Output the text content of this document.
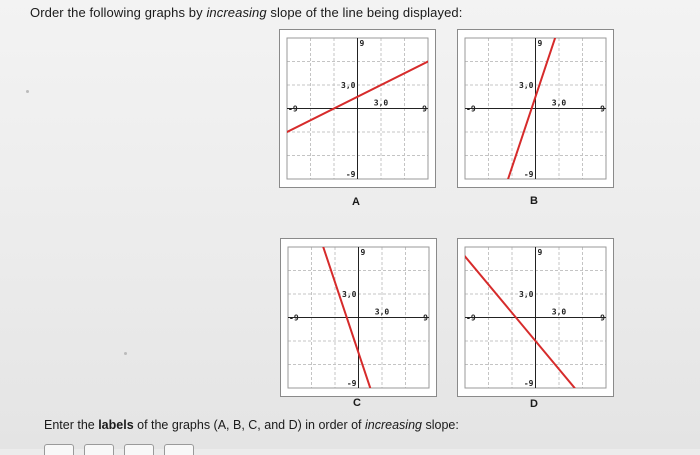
Order the following graphs by increasing slope of the line being displayed:
9
-9
-9	9
3,0
3,0
A
9
-9
-9	9
3,0
3,0
B
9
-9
-9	9
3,0
3,0
C
9
-9
-9	9
3,0
3,0
D
Enter the labels of the graphs (A, B, C, and D) in order of increasing slope:
